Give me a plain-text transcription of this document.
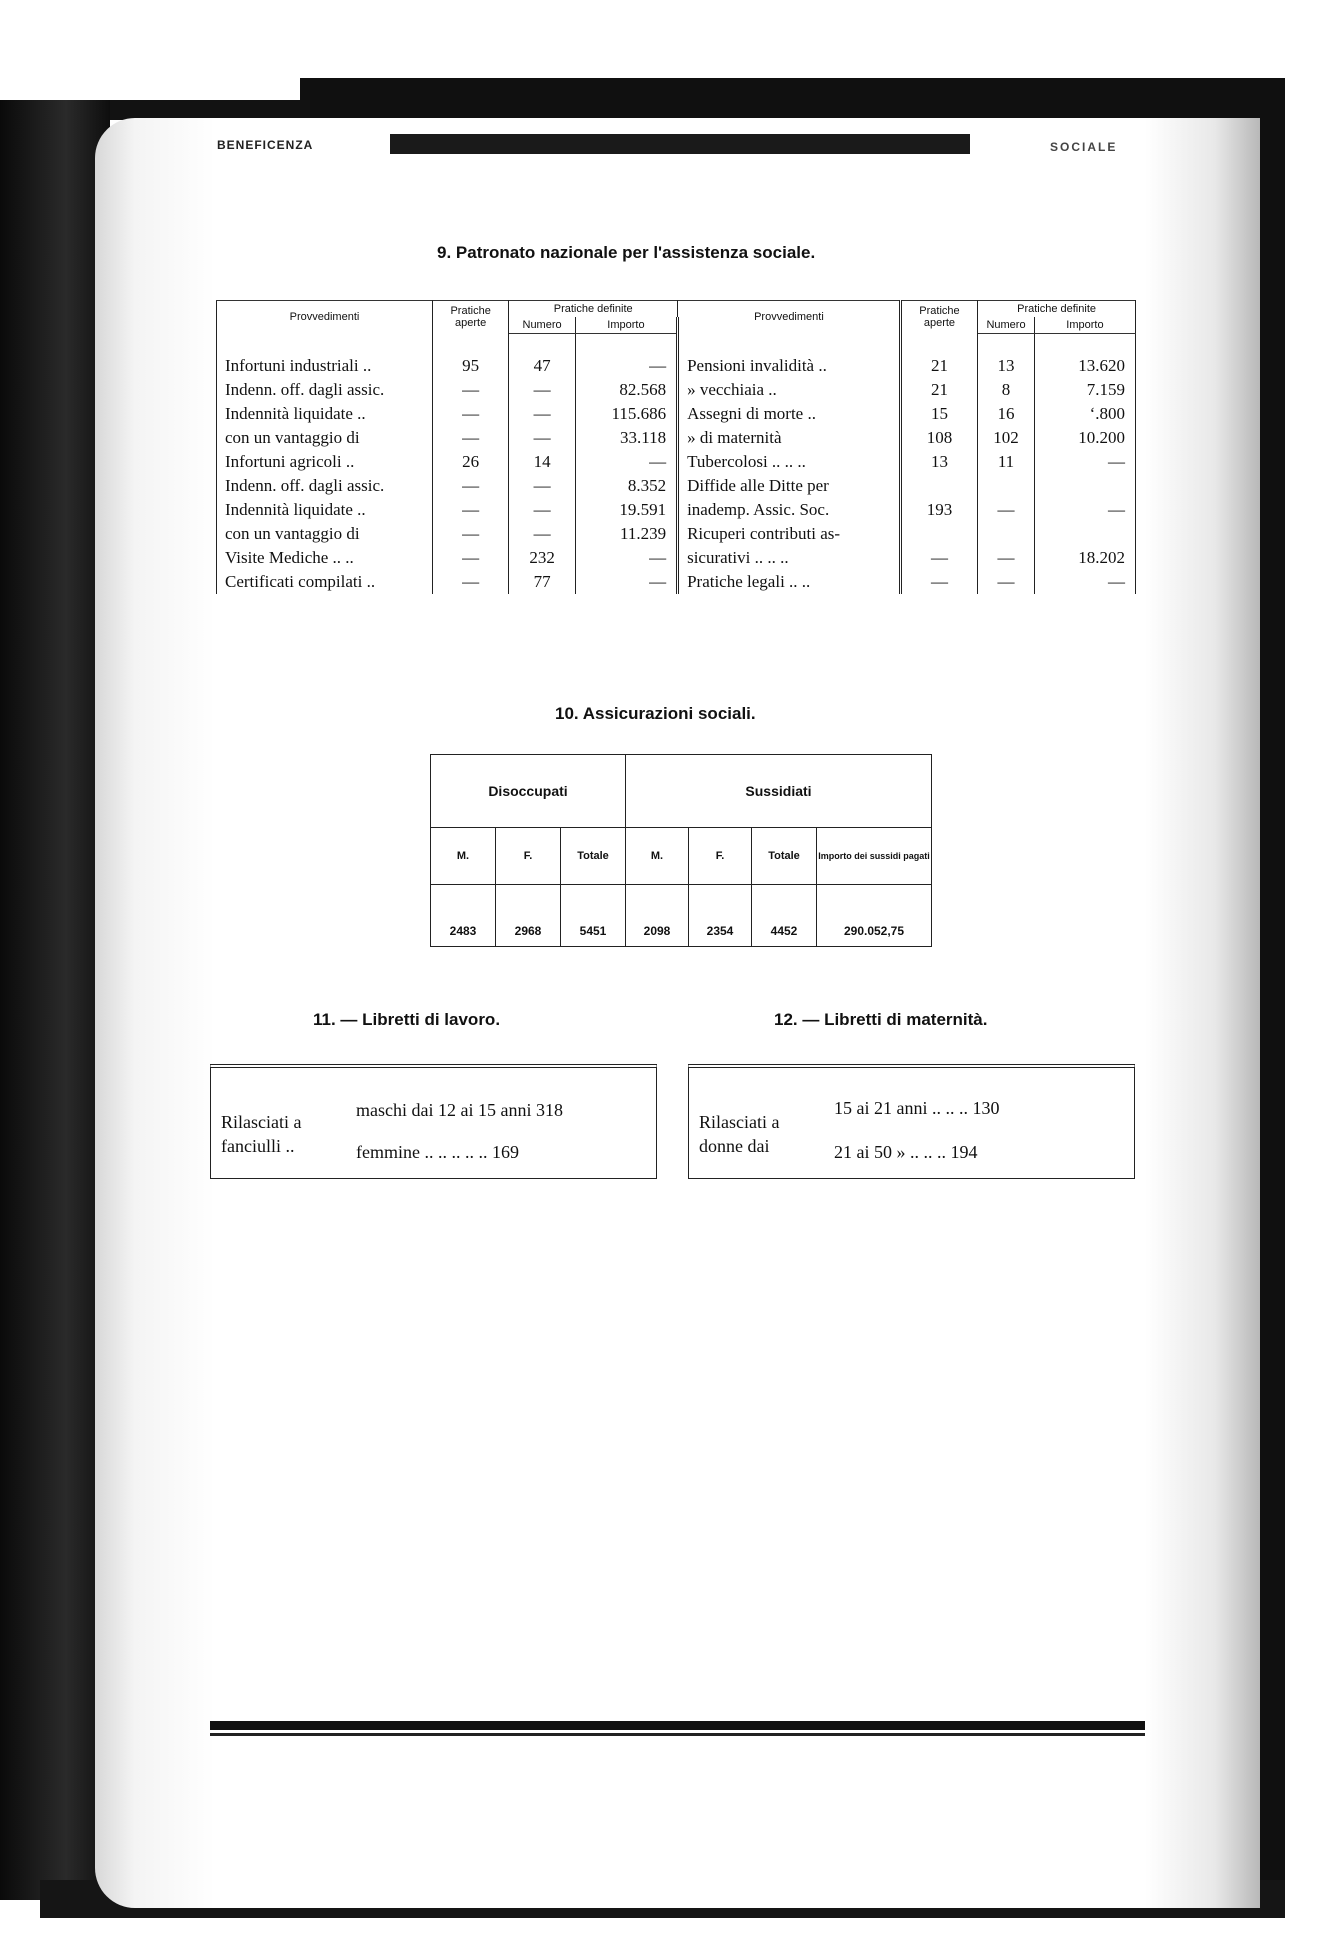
BENEFICENZA	SOCIALE
9. Patronato nazionale per l'assistenza sociale.
Provvedimenti	Pratiche aperte	Pratiche definite		Provvedimenti	Pratiche aperte	Pratiche definite	
		Numero	Importo			Numero	Importo

Infortuni industriali ..	95	47	—	Pensioni invalidità ..	21	13	13.620
Indenn. off. dagli assic.	—	—	82.568	» vecchiaia ..	21	8	7.159
Indennità liquidate ..	—	—	115.686	Assegni di morte ..	15	16	‘.800
con un vantaggio di	—	—	33.118	» di maternità	108	102	10.200
Infortuni agricoli ..	26	14	—	Tubercolosi .. .. ..	13	11	—
Indenn. off. dagli assic.	—	—	8.352	Diffide alle Ditte per			
Indennità liquidate ..	—	—	19.591	inademp. Assic. Soc.	193	—	—
con un vantaggio di	—	—	11.239	Ricuperi contributi as-			
Visite Mediche .. ..	—	232	—	sicurativi .. .. ..	—	—	18.202
Certificati compilati ..	—	77	—	Pratiche legali .. ..	—	—	—
10. Assicurazioni sociali.
Disoccupati			Sussidiati			
M.	F.	Totale	M.	F.	Totale	Importo dei sussidi pagati
2483	2968	5451	2098	2354	4452	290.052,75
11. — Libretti di lavoro.
Rilasciati a
fanciulli ..
maschi dai 12 ai 15 anni 318
femmine .. .. .. .. .. 169
12. — Libretti di maternità.
Rilasciati a
donne dai
15 ai 21 anni .. .. .. 130
21 ai 50 » .. .. .. 194
